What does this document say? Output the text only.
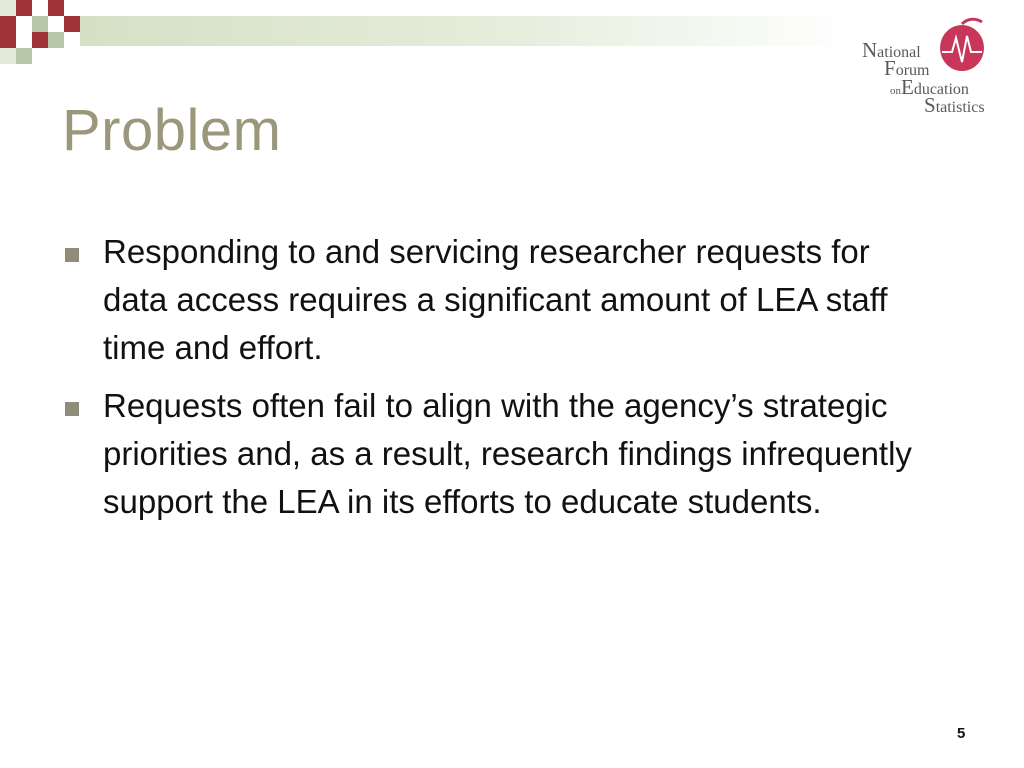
National
Forum
onEducation
Statistics
Problem
Responding to and servicing researcher requests for data access requires a significant amount of LEA staff time and effort.
Requests often fail to align with the agency’s strategic priorities and, as a result, research findings infrequently support the LEA in its efforts to educate students.
5
